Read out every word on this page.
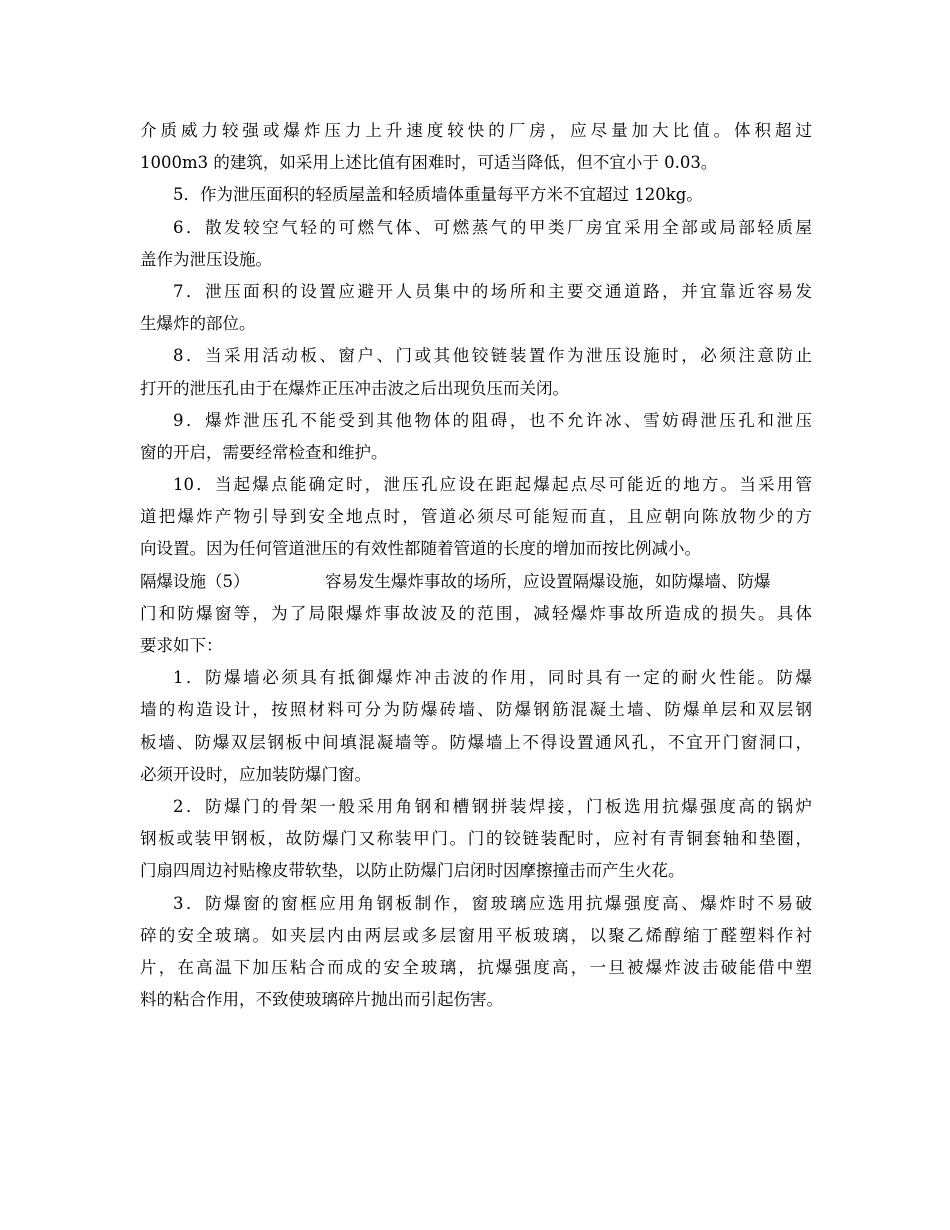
介质威力较强或爆炸压力上升速度较快的厂房，应尽量加大比值。体积超过
1000m3 的建筑，如采用上述比值有困难时，可适当降低，但不宜小于 0.03。
5．作为泄压面积的轻质屋盖和轻质墙体重量每平方米不宜超过 120kg。
6．散发较空气轻的可燃气体、可燃蒸气的甲类厂房宜采用全部或局部轻质屋
盖作为泄压设施。
7．泄压面积的设置应避开人员集中的场所和主要交通道路，并宜靠近容易发
生爆炸的部位。
8．当采用活动板、窗户、门或其他铰链装置作为泄压设施时，必须注意防止
打开的泄压孔由于在爆炸正压冲击波之后出现负压而关闭。
9．爆炸泄压孔不能受到其他物体的阻碍，也不允许冰、雪妨碍泄压孔和泄压
窗的开启，需要经常检查和维护。
10．当起爆点能确定时，泄压孔应设在距起爆起点尽可能近的地方。当采用管
道把爆炸产物引导到安全地点时，管道必须尽可能短而直，且应朝向陈放物少的方
向设置。因为任何管道泄压的有效性都随着管道的长度的增加而按比例减小。
隔爆设施（5）	容易发生爆炸事故的场所，应设置隔爆设施，如防爆墙、防爆
门和防爆窗等，为了局限爆炸事故波及的范围，减轻爆炸事故所造成的损失。具体
要求如下：
1．防爆墙必须具有抵御爆炸冲击波的作用，同时具有一定的耐火性能。防爆
墙的构造设计，按照材料可分为防爆砖墙、防爆钢筋混凝土墙、防爆单层和双层钢
板墙、防爆双层钢板中间填混凝墙等。防爆墙上不得设置通风孔，不宜开门窗洞口，
必须开设时，应加装防爆门窗。
2．防爆门的骨架一般采用角钢和槽钢拼装焊接，门板选用抗爆强度高的锅炉
钢板或装甲钢板，故防爆门又称装甲门。门的铰链装配时，应衬有青铜套轴和垫圈，
门扇四周边衬贴橡皮带软垫，以防止防爆门启闭时因摩擦撞击而产生火花。
3．防爆窗的窗框应用角钢板制作，窗玻璃应选用抗爆强度高、爆炸时不易破
碎的安全玻璃。如夹层内由两层或多层窗用平板玻璃，以聚乙烯醇缩丁醛塑料作衬
片，在高温下加压粘合而成的安全玻璃，抗爆强度高，一旦被爆炸波击破能借中塑
料的粘合作用，不致使玻璃碎片抛出而引起伤害。
